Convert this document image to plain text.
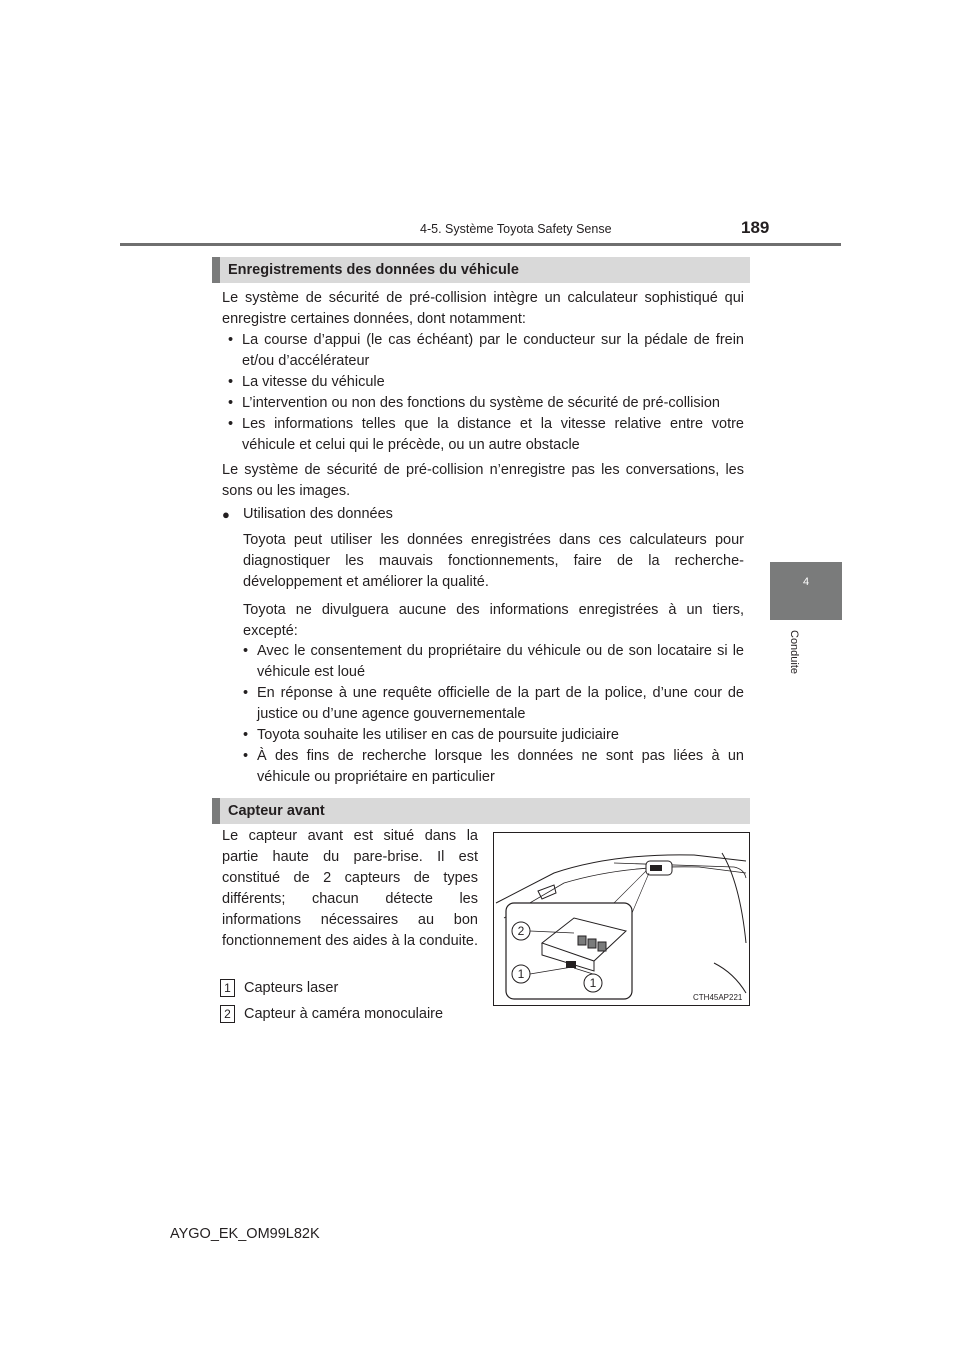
4-5. Système Toyota Safety Sense	189
4
Conduite
Enregistrements des données du véhicule
Le système de sécurité de pré-collision intègre un calculateur sophistiqué qui enregistre certaines données, dont notamment:
• La course d’appui (le cas échéant) par le conducteur sur la pédale de frein et/ou d’accélérateur
• La vitesse du véhicule
• L’intervention ou non des fonctions du système de sécurité de pré-collision
• Les informations telles que la distance et la vitesse relative entre votre véhicule et celui qui le précède, ou un autre obstacle
Le système de sécurité de pré-collision n’enregistre pas les conversations, les sons ou les images.
● Utilisation des données
Toyota peut utiliser les données enregistrées dans ces calculateurs pour diagnostiquer les mauvais fonctionnements, faire de la recherche-développement et améliorer la qualité.
Toyota ne divulguera aucune des informations enregistrées à un tiers, excepté:
• Avec le consentement du propriétaire du véhicule ou de son locataire si le véhicule est loué
• En réponse à une requête officielle de la part de la police, d’une cour de justice ou d’une agence gouvernementale
• Toyota souhaite les utiliser en cas de poursuite judiciaire
• À des fins de recherche lorsque les données ne sont pas liées à un véhicule ou propriétaire en particulier
Capteur avant
Le capteur avant est situé dans la partie haute du pare-brise. Il est constitué de 2 capteurs de types différents; chacun détecte les informations nécessaires au bon fonctionnement des aides à la conduite.
1 Capteurs laser
2 Capteur à caméra monoculaire
2
1
1
CTH45AP221
AYGO_EK_OM99L82K
